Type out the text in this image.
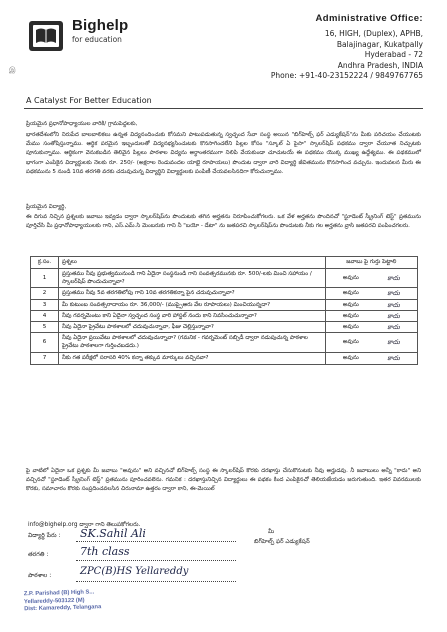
Bighelp
for education
A Catalyst For Better Education
Administrative Office:
16, HIGH, (Duplex), APHB,
Balajinagar, Kukatpally
Hyderabad - 72
Andhra Pradesh, INDIA
Phone: +91-40-23152224 / 9849767765
இ
ప్రియమైన ప్రధానోపాధ్యాయుల వారికి/ గ్రామపెద్దలకు,
భారతదేశంలోని నిరుపేద బాలబాలికలు ఉన్నత విద్యనందించుకు కోసమని పాటుపడుతున్న స్వచ్ఛంద సేవా సంస్థ అయిన "బిగ్‌హెల్ప్ ఫర్ ఎడ్యుకేషన్"ను మీకు పరిచయం చేయుటకు మేము సంతోషిస్తున్నాము. ఆర్థిక పరమైన ఇబ్బందులతో విద్యనభ్యసించుటకు కొనసాగించలేని పిల్లల కోసం "స్కూల్ ఏ పైసా" స్కాలర్‌షిప్ పథకము ద్వారా చేయూత నిచ్చుటకు పూనుకున్నాము. ఆర్థికంగా వెనుకబడిన తెలివైన పిల్లలు పాఠశాల విద్యను అర్ధాంతరముగా నిలిపి వేయకుండా చూచుటయే ఈ పథకము యొక్క ముఖ్య ఉద్దేశ్యము. ఈ పథకములో భాగంగా ఎంపికైన విద్యార్థులకు నెలకు రూ. 250/- (అక్షరాల రెండువందల యాభై రూపాయలు) పొందుట ద్వారా వారి విద్యార్థి జీవితమును కొనసాగించ వచ్చును. ఇందువలన మీరు ఈ పథకమును 5 నుండి 10వ తరగతి వరకు చదువుచున్న విద్యార్థిని విద్యార్థులకు పంపిణీ చేయవలసినదిగా కోరుచున్నాము.
ప్రియమైన విద్యార్థి,
ఈ దిగువ నిచ్చిన ప్రశ్నలకు జవాబు ఇవ్వడం ద్వారా స్కాలర్‌షిప్‌ను పొందుటకు తగిన అర్హతను నిరూపించుకోగలరు. ఒక వేళ అర్హతను పొందినచో "స్టూడెంట్ స్క్రీనింగ్ టెస్ట్" ప్రతమును పూర్తిచేసి మీ ప్రధానోపాధ్యాయులకు గాని, ఎస్.ఎమ్.సి మెంబరుకు గాని నీ "బయో - డేటా" ను జతపరచి స్కాలర్‌షిప్‌ను పొందుటకు నీకు గల అర్హతను వ్రాసి జతపరచి పంపించగలరు.
క్ర.సం.	ప్రశ్నలు	జవాబు పై గుర్తు పెట్టాలి
1	ప్రస్తుతము నీవు ప్రభుత్వమునుండి గాని ఏదైనా సంస్థనుండి గాని సంవత్సరమునకు రూ. 500/-లకు మించి సహాయం / స్కాలర్‌షిప్ పొందుచున్నావా?	అవును కాదు

2	ప్రస్తుతము నీవు 5వ తరగతిలోపు గాని 10వ తరగతికన్నా పైన చదువుచున్నావా?	అవును కాదు

3	మీ కుటుంబ సంవత్సరాదాయం రూ. 36,000/- (ముప్పైఆరు వేల రూపాయలు) మించియున్నదా?	అవును కాదు

4	నీవు గవర్నమెంటు కాని ఏదైనా స్వచ్ఛంద సంస్థ వారి హాస్టల్ నందు కాని నివసించుచున్నావా?	అవును కాదు

5	నీవు ఏదైనా ప్రైవేటు పాఠశాలలో చదువుచున్నావా, ఫీజు చెల్లిస్తున్నావా?	అవును కాదు

6	నీవు ఏదైనా ప్రయివేటు పాఠశాలలో చదువుచున్నావా? (గమనిక - గవర్నమెంట్ సబ్సిడీ ద్వారా నడుపుచున్న పాఠశాల ప్రైవేటు పాఠశాలగా గుర్తించబడదు.)	అవును కాదు

7	నీకు గత పరీక్షలో సరాసరి 40% కన్నా తక్కువ మార్కులు వచ్చినవా?	అవును కాదు
పై వాటిలో ఏదైనా ఒక ప్రశ్నకు మీ జవాబు "అవును" అని వచ్చినచో బిగ్‌హెల్ప్ సంస్థ ఈ స్కాలర్‌షిప్ కొరకు దరఖాస్తు చేసుకొనుటకు నీవు అర్హుడవు. నీ జవాబులు అన్నీ "కాదు" అని వచ్చినచో "స్టూడెంట్ స్క్రీనింగ్ టెస్ట్" ప్రతమును పూరించవలెను. గమనిక : దరఖాస్తునిచ్చిన విద్యార్థులు ఈ పథకం కింద ఎంపికైనచో తెలియజేయడం జరుగుతుంది. ఇతర వివరములకు కొరకు, సమాచారం కొరకు సంప్రదించవలసిన చిరునామా ఉత్తరం ద్వారా కాని, ఈ-మెయిల్
info@bighelp.org ద్వారా గాని తెలుపకోగలరు.
విద్యార్థి పేరు : SK.Sahil Ali
తరగతి :	7th class
పాఠశాల :	ZPC(B)HS Yellareddy
మీ
బిగ్‌హెల్ప్ ఫర్ ఎడ్యుకేషన్
Z.P. Parishad (B) High S...
Yellareddy-503122 (M)
Dist: Kamareddy, Telangana
